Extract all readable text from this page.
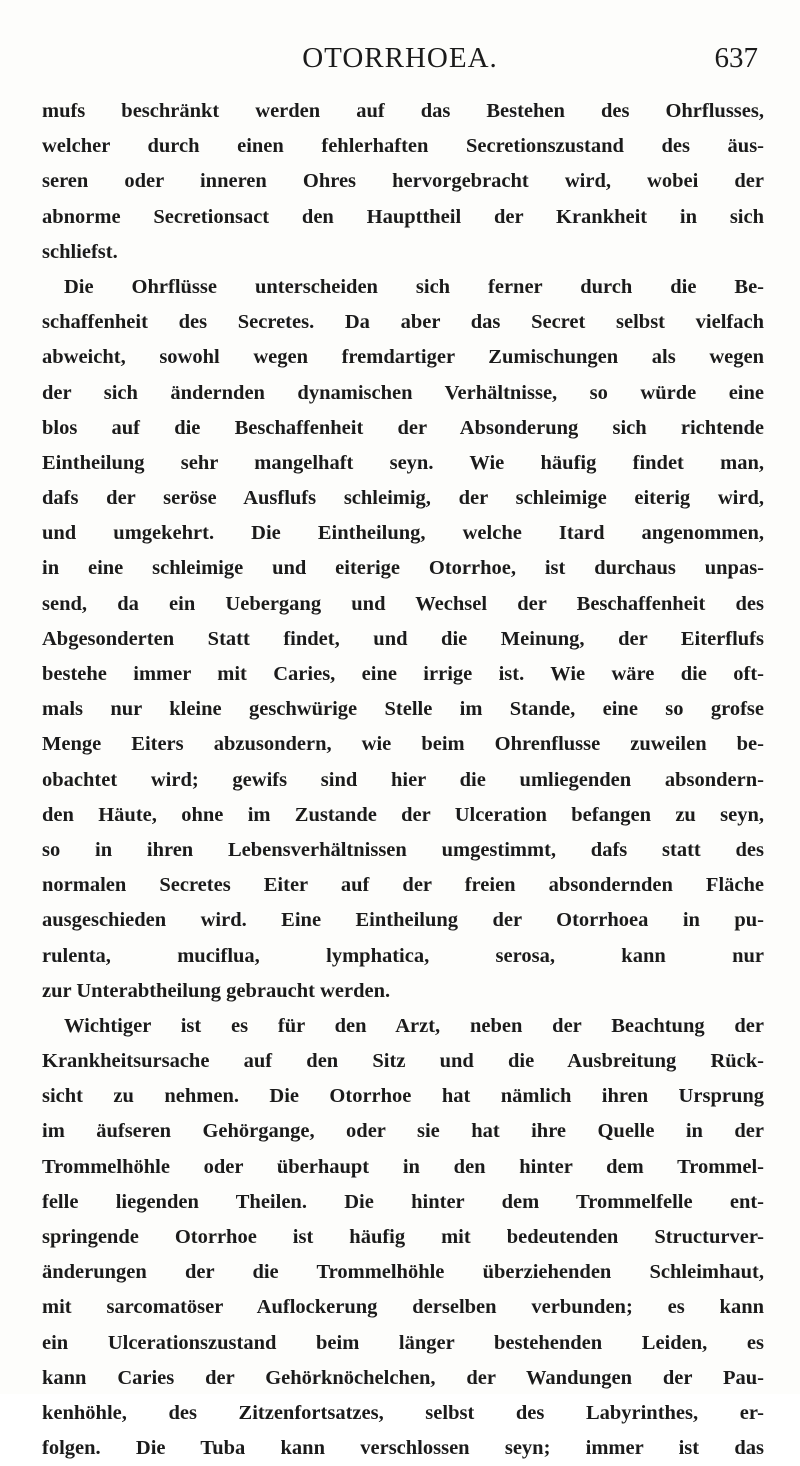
OTORRHOEA.	637
mufs beschränkt werden auf das Bestehen des Ohrflusses,
welcher durch einen fehlerhaften Secretionszustand des äus-
seren oder inneren Ohres hervorgebracht wird, wobei der
abnorme Secretionsact den Haupttheil der Krankheit in sich
schliefst.
Die Ohrflüsse unterscheiden sich ferner durch die Be-
schaffenheit des Secretes. Da aber das Secret selbst vielfach
abweicht, sowohl wegen fremdartiger Zumischungen als wegen
der sich ändernden dynamischen Verhältnisse, so würde eine
blos auf die Beschaffenheit der Absonderung sich richtende
Eintheilung sehr mangelhaft seyn. Wie häufig findet man,
dafs der seröse Ausflufs schleimig, der schleimige eiterig wird,
und umgekehrt. Die Eintheilung, welche Itard angenommen,
in eine schleimige und eiterige Otorrhoe, ist durchaus unpas-
send, da ein Uebergang und Wechsel der Beschaffenheit des
Abgesonderten Statt findet, und die Meinung, der Eiterflufs
bestehe immer mit Caries, eine irrige ist. Wie wäre die oft-
mals nur kleine geschwürige Stelle im Stande, eine so grofse
Menge Eiters abzusondern, wie beim Ohrenflusse zuweilen be-
obachtet wird; gewifs sind hier die umliegenden absondern-
den Häute, ohne im Zustande der Ulceration befangen zu seyn,
so in ihren Lebensverhältnissen umgestimmt, dafs statt des
normalen Secretes Eiter auf der freien absondernden Fläche
ausgeschieden wird. Eine Eintheilung der Otorrhoea in pu-
rulenta, muciflua, lymphatica, serosa, kann nur
zur Unterabtheilung gebraucht werden.
Wichtiger ist es für den Arzt, neben der Beachtung der
Krankheitsursache auf den Sitz und die Ausbreitung Rück-
sicht zu nehmen. Die Otorrhoe hat nämlich ihren Ursprung
im äufseren Gehörgange, oder sie hat ihre Quelle in der
Trommelhöhle oder überhaupt in den hinter dem Trommel-
felle liegenden Theilen. Die hinter dem Trommelfelle ent-
springende Otorrhoe ist häufig mit bedeutenden Structurver-
änderungen der die Trommelhöhle überziehenden Schleimhaut,
mit sarcomatöser Auflockerung derselben verbunden; es kann
ein Ulcerationszustand beim länger bestehenden Leiden, es
kann Caries der Gehörknöchelchen, der Wandungen der Pau-
kenhöhle, des Zitzenfortsatzes, selbst des Labyrinthes, er-
folgen. Die Tuba kann verschlossen seyn; immer ist das
